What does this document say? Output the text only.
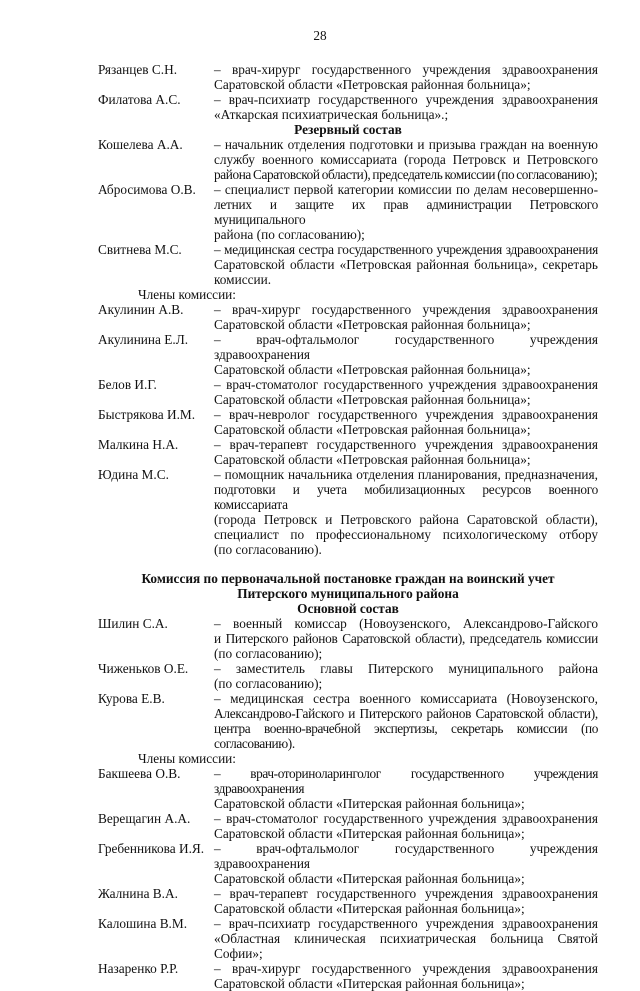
28
Рязанцев С.Н.	– врач-хирург государственного учреждения здравоохранения
Саратовской области «Петровская районная больница»;
Филатова А.С.	– врач-психиатр государственного учреждения здравоохранения
«Аткарская психиатрическая больница».;
Резервный состав
Кошелева А.А.	– начальник отделения подготовки и призыва граждан на военную
службу военного комиссариата (города Петровск и Петровского
района Саратовской области), председатель комиссии (по согласованию);
Абросимова О.В.	– специалист первой категории комиссии по делам несовершенно-
летних и защите их прав администрации Петровского муниципального
района (по согласованию);
Свитнева М.С.	– медицинская сестра государственного учреждения здравоохранения
Саратовской области «Петровская районная больница», секретарь
комиссии.
Члены комиссии:
Акулинин А.В.	– врач-хирург государственного учреждения здравоохранения
Саратовской области «Петровская районная больница»;
Акулинина Е.Л.	– врач-офтальмолог государственного учреждения здравоохранения
Саратовской области «Петровская районная больница»;
Белов И.Г.	– врач-стоматолог государственного учреждения здравоохранения
Саратовской области «Петровская районная больница»;
Быстрякова И.М.	– врач-невролог государственного учреждения здравоохранения
Саратовской области «Петровская районная больница»;
Малкина Н.А.	– врач-терапевт государственного учреждения здравоохранения
Саратовской области «Петровская районная больница»;
Юдина М.С.	– помощник начальника отделения планирования, предназначения,
подготовки и учета мобилизационных ресурсов военного комиссариата
(города Петровск и Петровского района Саратовской области),
специалист по профессиональному психологическому отбору
(по согласованию).
Комиссия по первоначальной постановке граждан на воинский учет
Питерского муниципального района
Основной состав
Шилин С.А.	– военный комиссар (Новоузенского, Александрово-Гайского
и Питерского районов Саратовской области), председатель комиссии
(по согласованию);
Чиженьков О.Е.	– заместитель главы Питерского муниципального района
(по согласованию);
Курова Е.В.	– медицинская сестра военного комиссариата (Новоузенского,
Александрово-Гайского и Питерского районов Саратовской области),
центра военно-врачебной экспертизы, секретарь комиссии (по согласованию).
Члены комиссии:
Бакшеева О.В.	– врач-оториноларинголог государственного учреждения здравоохранения
Саратовской области «Питерская районная больница»;
Верещагин А.А.	– врач-стоматолог государственного учреждения здравоохранения
Саратовской области «Питерская районная больница»;
Гребенникова И.Я. – врач-офтальмолог государственного учреждения здравоохранения
Саратовской области «Питерская районная больница»;
Жалнина В.А.	– врач-терапевт государственного учреждения здравоохранения
Саратовской области «Питерская районная больница»;
Калошина В.М.	– врач-психиатр государственного учреждения здравоохранения
«Областная клиническая психиатрическая больница Святой Софии»;
Назаренко Р.Р.	– врач-хирург государственного учреждения здравоохранения
Саратовской области «Питерская районная больница»;
